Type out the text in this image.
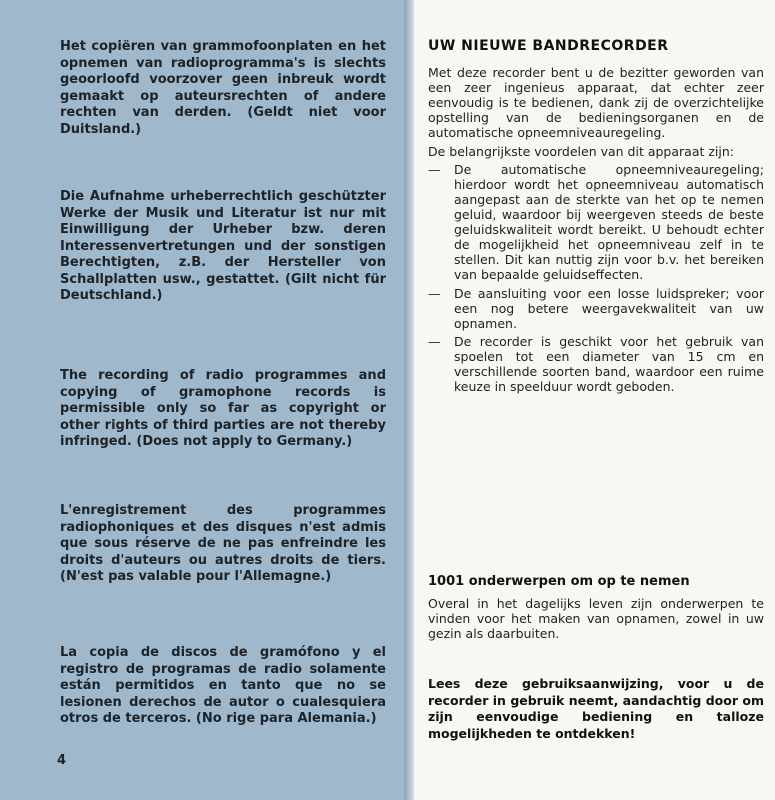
Het copiëren van grammofoonplaten en het opnemen van radioprogramma's is slechts geoorloofd voorzover geen inbreuk wordt gemaakt op auteursrechten of andere rechten van derden. (Geldt niet voor Duitsland.)

Die Aufnahme urheberrechtlich geschützter Werke der Musik und Literatur ist nur mit Einwilligung der Urheber bzw. deren Interessenvertretungen und der sonstigen Berechtigten, z.B. der Hersteller von Schallplatten usw., gestattet. (Gilt nicht für Deutschland.)

The recording of radio programmes and copying of gramophone records is permissible only so far as copyright or other rights of third parties are not thereby infringed. (Does not apply to Germany.)

L'enregistrement des programmes radiophoniques et des disques n'est admis que sous réserve de ne pas enfreindre les droits d'auteurs ou autres droits de tiers. (N'est pas valable pour l'Allemagne.)

La copia de discos de gramófono y el registro de programas de radio solamente están permitidos en tanto que no se lesionen derechos de autor o cualesquiera otros de terceros. (No rige para Alemania.)

4
UW NIEUWE BANDRECORDER

Met deze recorder bent u de bezitter geworden van een zeer ingenieus apparaat, dat echter zeer eenvoudig is te bedienen, dank zij de overzichtelijke opstelling van de bedieningsorganen en de automatische opneemniveauregeling.

De belangrijkste voordelen van dit apparaat zijn:

— De automatische opneemniveauregeling; hierdoor wordt het opneemniveau automatisch aangepast aan de sterkte van het op te nemen geluid, waardoor bij weergeven steeds de beste geluidskwaliteit wordt bereikt. U behoudt echter de mogelijkheid het opneemniveau zelf in te stellen. Dit kan nuttig zijn voor b.v. het bereiken van bepaalde geluidseffecten.
— De aansluiting voor een losse luidspreker; voor een nog betere weergavekwaliteit van uw opnamen.
— De recorder is geschikt voor het gebruik van spoelen tot een diameter van 15 cm en verschillende soorten band, waardoor een ruime keuze in speelduur wordt geboden.
1001 onderwerpen om op te nemen

Overal in het dagelijks leven zijn onderwerpen te vinden voor het maken van opnamen, zowel in uw gezin als daarbuiten.

Lees deze gebruiksaanwijzing, voor u de recorder in gebruik neemt, aandachtig door om zijn eenvoudige bediening en talloze mogelijkheden te ontdekken!
